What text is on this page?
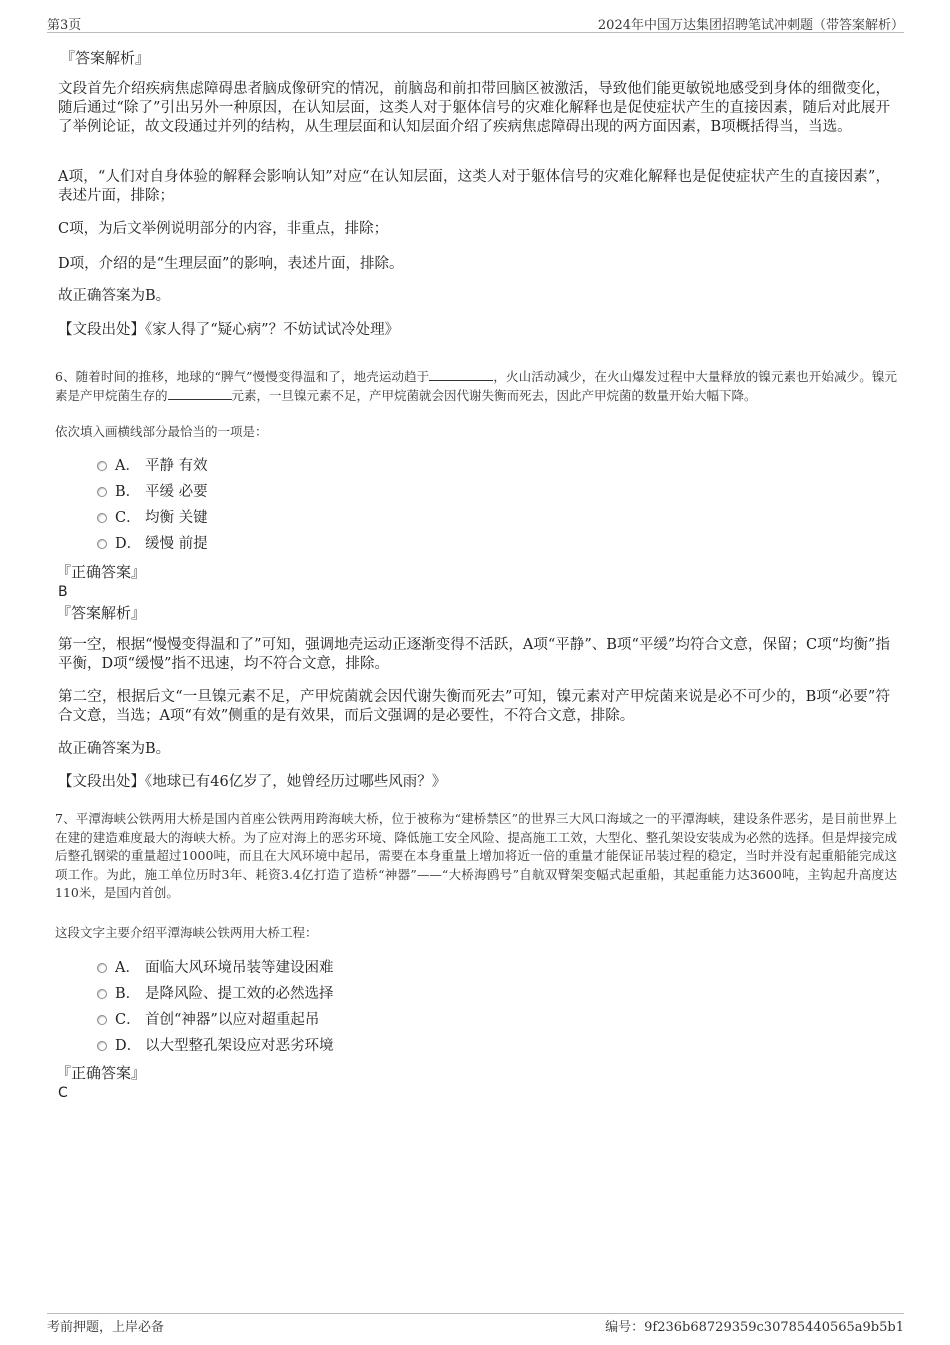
第3页	2024年中国万达集团招聘笔试冲刺题（带答案解析）
『答案解析』
文段首先介绍疾病焦虑障碍患者脑成像研究的情况，前脑岛和前扣带回脑区被激活，导致他们能更敏锐地感受到身体的细微变化，随后通过“除了”引出另外一种原因，在认知层面，这类人对于躯体信号的灾难化解释也是促使症状产生的直接因素，随后对此展开了举例论证，故文段通过并列的结构，从生理层面和认知层面介绍了疾病焦虑障碍出现的两方面因素，B项概括得当，当选。
A项，“人们对自身体验的解释会影响认知”对应“在认知层面，这类人对于躯体信号的灾难化解释也是促使症状产生的直接因素”，表述片面，排除；
C项，为后文举例说明部分的内容，非重点，排除；
D项，介绍的是“生理层面”的影响，表述片面，排除。
故正确答案为B。
【文段出处】《家人得了“疑心病”？不妨试试冷处理》
6、随着时间的推移，地球的“脾气”慢慢变得温和了，地壳运动趋于	，火山活动减少，在火山爆发过程中大量释放的镍元素也开始减少。镍元素是产甲烷菌生存的	元素，一旦镍元素不足，产甲烷菌就会因代谢失衡而死去，因此产甲烷菌的数量开始大幅下降。
依次填入画横线部分最恰当的一项是：
A． 平静 有效
B． 平缓 必要
C． 均衡 关键
D． 缓慢 前提
『正确答案』
B
『答案解析』
第一空，根据“慢慢变得温和了”可知，强调地壳运动正逐渐变得不活跃，A项“平静”、B项“平缓”均符合文意，保留；C项“均衡”指平衡，D项“缓慢”指不迅速，均不符合文意，排除。
第二空，根据后文“一旦镍元素不足，产甲烷菌就会因代谢失衡而死去”可知，镍元素对产甲烷菌来说是必不可少的，B项“必要”符合文意，当选；A项“有效”侧重的是有效果，而后文强调的是必要性，不符合文意，排除。
故正确答案为B。
【文段出处】《地球已有46亿岁了，她曾经历过哪些风雨？》
7、平潭海峡公铁两用大桥是国内首座公铁两用跨海峡大桥，位于被称为“建桥禁区”的世界三大风口海域之一的平潭海峡，建设条件恶劣，是目前世界上在建的建造难度最大的海峡大桥。为了应对海上的恶劣环境、降低施工安全风险、提高施工工效，大型化、整孔架设安装成为必然的选择。但是焊接完成后整孔钢梁的重量超过1000吨，而且在大风环境中起吊，需要在本身重量上增加将近一倍的重量才能保证吊装过程的稳定，当时并没有起重船能完成这项工作。为此，施工单位历时3年、耗资3.4亿打造了造桥“神器”——“大桥海鸥号”自航双臂架变幅式起重船，其起重能力达3600吨，主钩起升高度达110米，是国内首创。
这段文字主要介绍平潭海峡公铁两用大桥工程：
A． 面临大风环境吊装等建设困难
B． 是降风险、提工效的必然选择
C． 首创“神器”以应对超重起吊
D． 以大型整孔架设应对恶劣环境
『正确答案』
C
考前押题，上岸必备	编号：9f236b68729359c30785440565a9b5b1
